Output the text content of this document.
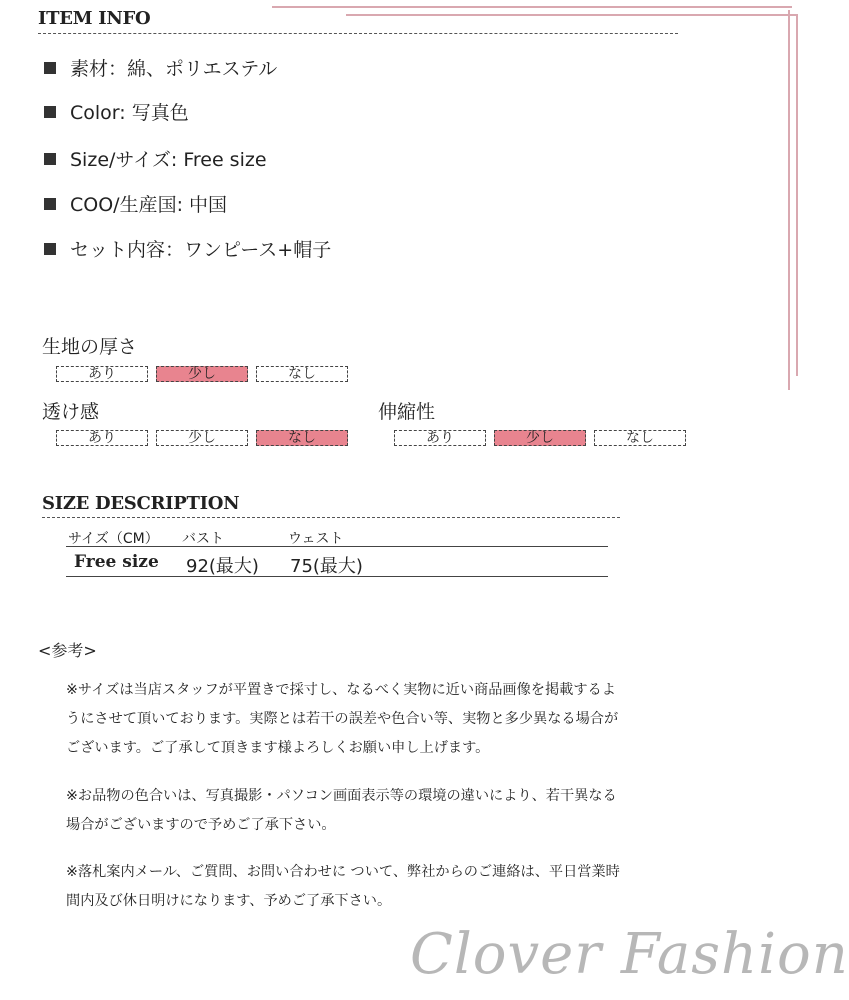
ITEM INFO
素材：綿、ポリエステル
Color: 写真色
Size/サイズ: Free size
COO/生産国: 中国
セット内容：ワンピース+帽子
生地の厚さ
あり	少し	なし
透け感
あり	少し	なし
伸縮性
あり	少し	なし
SIZE DESCRIPTION
サイズ（CM） バスト	ウェスト
Free size 92(最大) 75(最大)
<参考>
※サイズは当店スタッフが平置きで採寸し、なるべく実物に近い商品画像を掲載するよ
うにさせて頂いております。実際とは若干の誤差や色合い等、実物と多少異なる場合が
ございます。ご了承して頂きます様よろしくお願い申し上げます。
※お品物の色合いは、写真撮影・パソコン画面表示等の環境の違いにより、若干異なる
場合がございますので予めご了承下さい。
※落札案内メール、ご質問、お問い合わせに ついて、弊社からのご連絡は、平日営業時
間内及び休日明けになります、予めご了承下さい。
Clover Fashion
